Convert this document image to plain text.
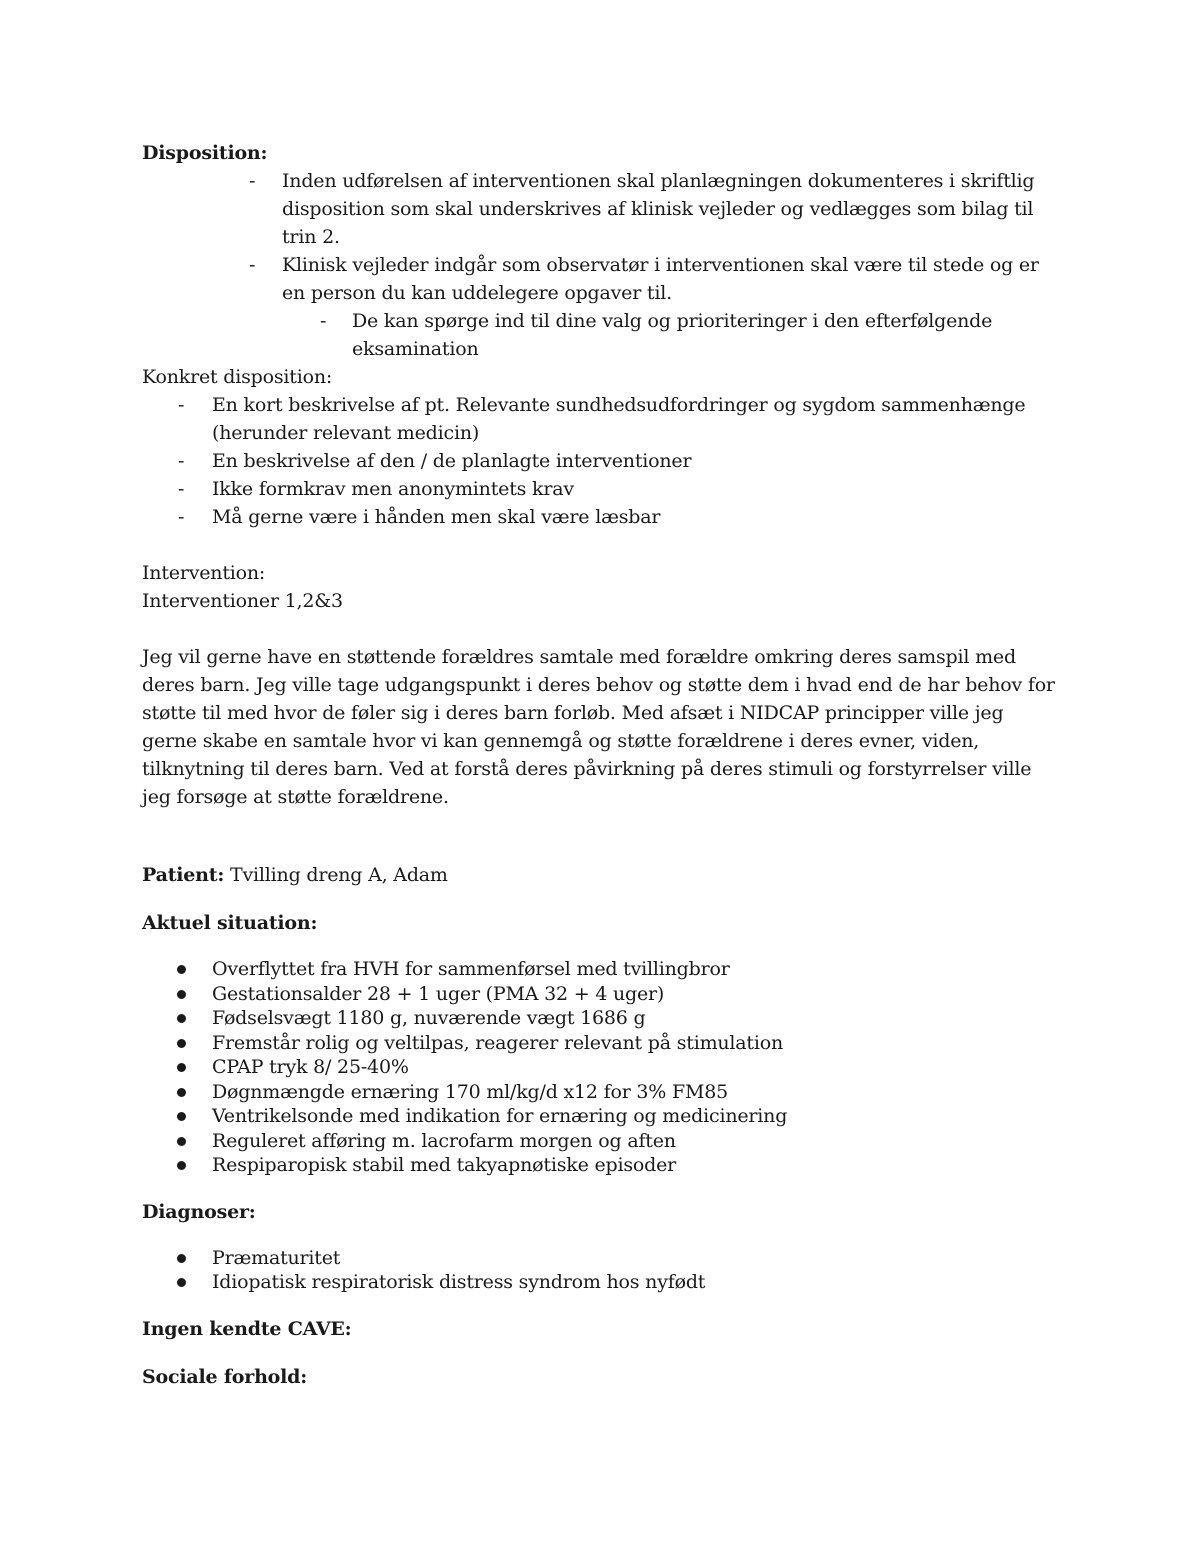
Disposition:
- Inden udførelsen af interventionen skal planlægningen dokumenteres i skriftlig disposition som skal underskrives af klinisk vejleder og vedlægges som bilag til trin 2.
- Klinisk vejleder indgår som observatør i interventionen skal være til stede og er en person du kan uddelegere opgaver til.
- De kan spørge ind til dine valg og prioriteringer i den efterfølgende eksamination
Konkret disposition:
- En kort beskrivelse af pt. Relevante sundhedsudfordringer og sygdom sammenhænge (herunder relevant medicin)
- En beskrivelse af den / de planlagte interventioner
- Ikke formkrav men anonymintets krav
- Må gerne være i hånden men skal være læsbar
Intervention:
Interventioner 1,2&3
Jeg vil gerne have en støttende forældres samtale med forældre omkring deres samspil med deres barn. Jeg ville tage udgangspunkt i deres behov og støtte dem i hvad end de har behov for støtte til med hvor de føler sig i deres barn forløb. Med afsæt i NIDCAP principper ville jeg gerne skabe en samtale hvor vi kan gennemgå og støtte forældrene i deres evner, viden, tilknytning til deres barn. Ved at forstå deres påvirkning på deres stimuli og forstyrrelser ville jeg forsøge at støtte forældrene.
Patient: Tvilling dreng A, Adam
Aktuel situation:
Overflyttet fra HVH for sammenførsel med tvillingbror
Gestationsalder 28 + 1 uger (PMA 32 + 4 uger)
Fødselsvægt 1180 g, nuværende vægt 1686 g
Fremstår rolig og veltilpas, reagerer relevant på stimulation
CPAP tryk 8/ 25-40%
Døgnmængde ernæring 170 ml/kg/d x12 for 3% FM85
Ventrikelsonde med indikation for ernæring og medicinering
Reguleret afføring m. lacrofarm morgen og aften
Respiparopisk stabil med takyapnøtiske episoder
Diagnoser:
Præmaturitet
Idiopatisk respiratorisk distress syndrom hos nyfødt
Ingen kendte CAVE:
Sociale forhold:
